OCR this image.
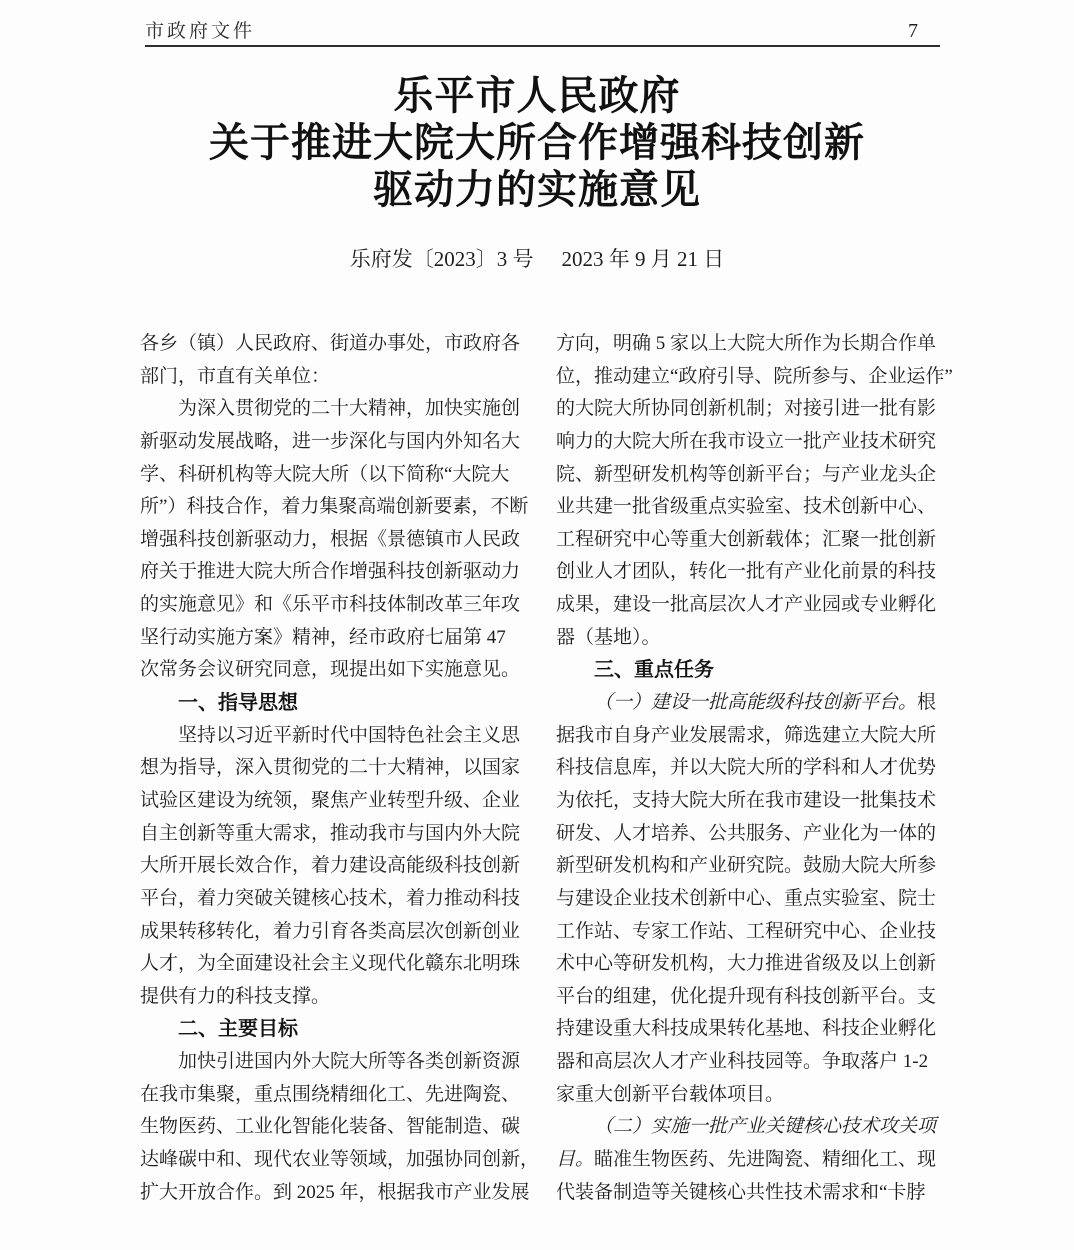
市政府文件	7
乐平市人民政府
关于推进大院大所合作增强科技创新
驱动力的实施意见
乐府发〔2023〕3 号 2023 年 9 月 21 日
各乡（镇）人民政府、街道办事处，市政府各
部门，市直有关单位：
为深入贯彻党的二十大精神，加快实施创
新驱动发展战略，进一步深化与国内外知名大
学、科研机构等大院大所（以下简称“大院大
所”）科技合作，着力集聚高端创新要素，不断
增强科技创新驱动力，根据《景德镇市人民政
府关于推进大院大所合作增强科技创新驱动力
的实施意见》和《乐平市科技体制改革三年攻
坚行动实施方案》精神，经市政府七届第 47
次常务会议研究同意，现提出如下实施意见。
一、指导思想
坚持以习近平新时代中国特色社会主义思
想为指导，深入贯彻党的二十大精神，以国家
试验区建设为统领，聚焦产业转型升级、企业
自主创新等重大需求，推动我市与国内外大院
大所开展长效合作，着力建设高能级科技创新
平台，着力突破关键核心技术，着力推动科技
成果转移转化，着力引育各类高层次创新创业
人才，为全面建设社会主义现代化赣东北明珠
提供有力的科技支撑。
二、主要目标
加快引进国内外大院大所等各类创新资源
在我市集聚，重点围绕精细化工、先进陶瓷、
生物医药、工业化智能化装备、智能制造、碳
达峰碳中和、现代农业等领域，加强协同创新，
扩大开放合作。到 2025 年，根据我市产业发展
方向，明确 5 家以上大院大所作为长期合作单
位，推动建立“政府引导、院所参与、企业运作”
的大院大所协同创新机制；对接引进一批有影
响力的大院大所在我市设立一批产业技术研究
院、新型研发机构等创新平台；与产业龙头企
业共建一批省级重点实验室、技术创新中心、
工程研究中心等重大创新载体；汇聚一批创新
创业人才团队，转化一批有产业化前景的科技
成果，建设一批高层次人才产业园或专业孵化
器（基地）。
三、重点任务
（一）建设一批高能级科技创新平台。根
据我市自身产业发展需求，筛选建立大院大所
科技信息库，并以大院大所的学科和人才优势
为依托，支持大院大所在我市建设一批集技术
研发、人才培养、公共服务、产业化为一体的
新型研发机构和产业研究院。鼓励大院大所参
与建设企业技术创新中心、重点实验室、院士
工作站、专家工作站、工程研究中心、企业技
术中心等研发机构，大力推进省级及以上创新
平台的组建，优化提升现有科技创新平台。支
持建设重大科技成果转化基地、科技企业孵化
器和高层次人才产业科技园等。争取落户 1-2
家重大创新平台载体项目。
（二）实施一批产业关键核心技术攻关项
目。瞄准生物医药、先进陶瓷、精细化工、现
代装备制造等关键核心共性技术需求和“卡脖
